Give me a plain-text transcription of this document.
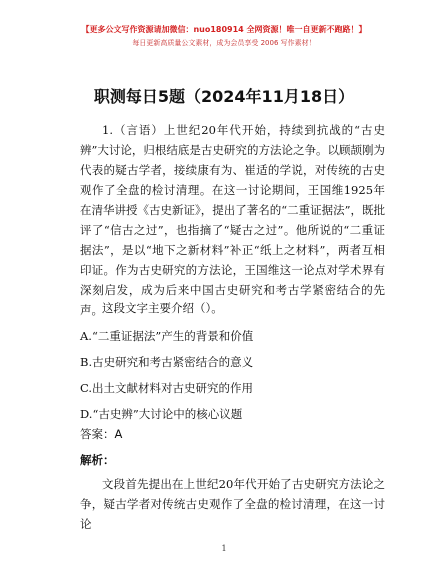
【更多公文写作资源请加微信：nuo180914 全网资源！唯一自更新不跑路！】
每日更新高质量公文素材，成为会员享受 2006 写作素材！
职测每日5题（2024年11月18日）
1.（言语）上世纪20年代开始，持续到抗战的“古史辨”大讨论，归根结底是古史研究的方法论之争。以顾颉刚为代表的疑古学者，接续康有为、崔适的学说，对传统的古史观作了全盘的检讨清理。在这一讨论期间，王国维1925年在清华讲授《古史新证》，提出了著名的“二重证据法”，既批评了“信古之过”，也指摘了“疑古之过”。他所说的“二重证据法”，是以“地下之新材料”补正“纸上之材料”，两者互相印证。作为古史研究的方法论，王国维这一论点对学术界有深刻启发，成为后来中国古史研究和考古学紧密结合的先声。 这段文字主要介绍（）。
A.“二重证据法”产生的背景和价值
B.古史研究和考古紧密结合的意义
C.出土文献材料对古史研究的作用
D.“古史辨”大讨论中的核心议题
答案：A
解析：
文段首先提出在上世纪20年代开始了古史研究方法论之争，疑古学者对传统古史观作了全盘的检讨清理，在这一讨论
1
